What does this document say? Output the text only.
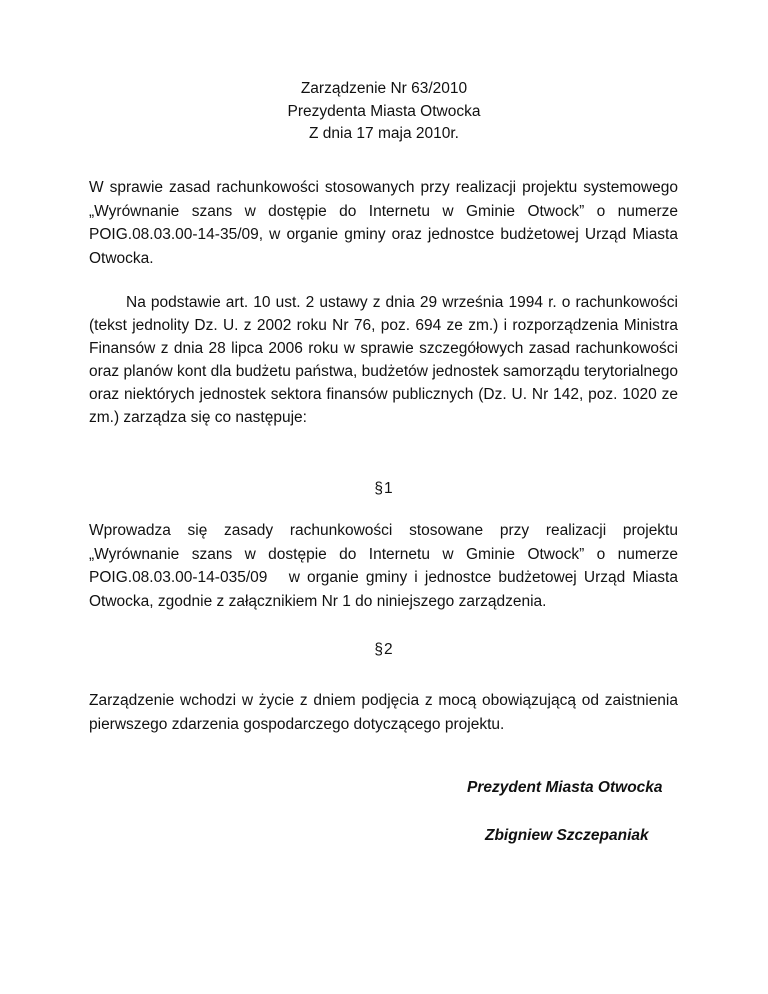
Zarządzenie Nr 63/2010
Prezydenta Miasta Otwocka
Z dnia 17 maja 2010r.

W sprawie zasad rachunkowości stosowanych przy realizacji projektu systemowego „Wyrównanie szans w dostępie do Internetu w Gminie Otwock” o numerze POIG.08.03.00-14-35/09, w organie gminy oraz jednostce budżetowej Urząd Miasta Otwocka.

Na podstawie art. 10 ust. 2 ustawy z dnia 29 września 1994 r. o rachunkowości (tekst jednolity Dz. U. z 2002 roku Nr 76, poz. 694 ze zm.) i rozporządzenia Ministra Finansów z dnia 28 lipca 2006 roku w sprawie szczegółowych zasad rachunkowości oraz planów kont dla budżetu państwa, budżetów jednostek samorządu terytorialnego oraz niektórych jednostek sektora finansów publicznych (Dz. U. Nr 142, poz. 1020 ze zm.) zarządza się co następuje:

§1

Wprowadza się zasady rachunkowości stosowane przy realizacji projektu „Wyrównanie szans w dostępie do Internetu w Gminie Otwock” o numerze POIG.08.03.00-14-035/09   w organie gminy i jednostce budżetowej Urząd Miasta Otwocka, zgodnie z załącznikiem Nr 1 do niniejszego zarządzenia.

§2

Zarządzenie wchodzi w życie z dniem podjęcia z mocą obowiązującą od zaistnienia pierwszego zdarzenia gospodarczego dotyczącego projektu.

Prezydent Miasta Otwocka
Zbigniew Szczepaniak
